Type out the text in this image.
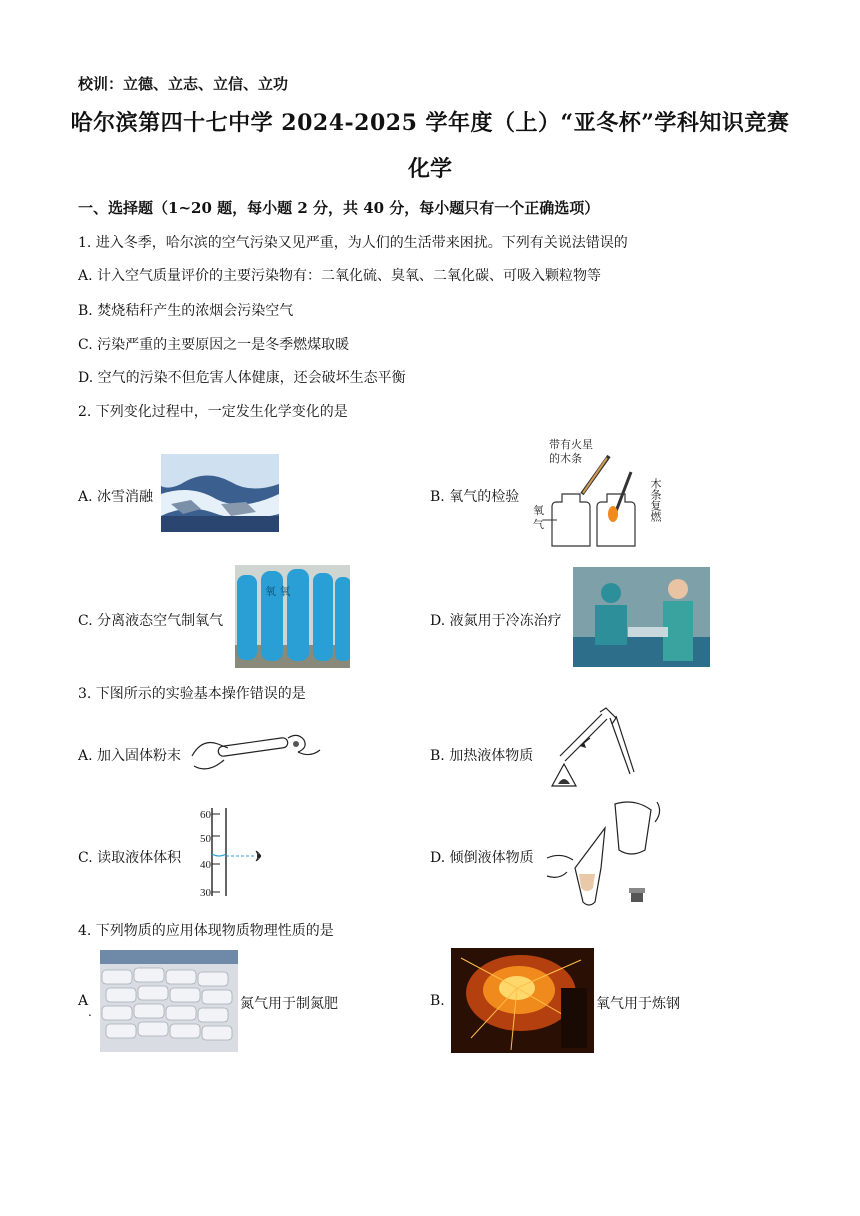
校训：立德、立志、立信、立功
哈尔滨第四十七中学 2024-2025 学年度（上）“亚冬杯”学科知识竞赛
化学
一、选择题（1~20 题，每小题 2 分，共 40 分，每小题只有一个正确选项）
1. 进入冬季，哈尔滨的空气污染又见严重，为人们的生活带来困扰。下列有关说法错误的
A. 计入空气质量评价的主要污染物有：二氧化硫、臭氧、二氧化碳、可吸入颗粒物等
B. 焚烧秸秆产生的浓烟会污染空气
C. 污染严重的主要原因之一是冬季燃煤取暖
D. 空气的污染不但危害人体健康，还会破坏生态平衡
2. 下列变化过程中，一定发生化学变化的是
A. 冰雪消融	B. 氧气的检验
带有火星
的木条
氧
气
木条复燃
C. 分离液态空气制氧气
氧 氧
D. 液氮用于冷冻治疗
3. 下图所示的实验基本操作错误的是
A. 加入固体粉末	B. 加热液体物质
C. 读取液体体积
60
50
40
30
D. 倾倒液体物质
4. 下列物质的应用体现物质物理性质的是
A
.	氮气用于制氮肥	B.	氧气用于炼钢
